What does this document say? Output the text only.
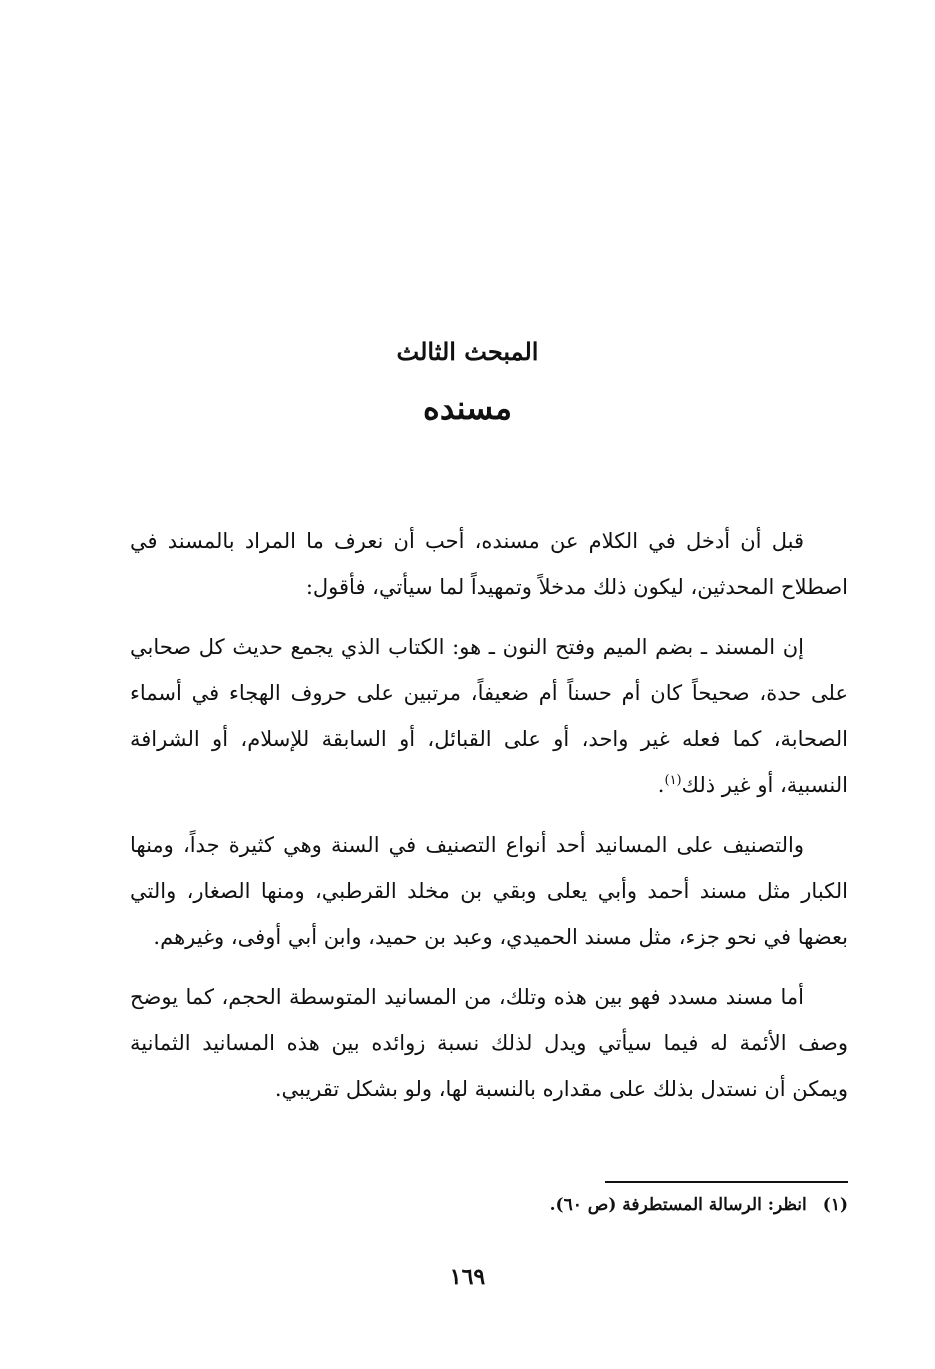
المبحث الثالث
مسنده

قبل أن أدخل في الكلام عن مسنده، أحب أن نعرف ما المراد بالمسند في اصطلاح المحدثين، ليكون ذلك مدخلاً وتمهيداً لما سيأتي، فأقول:

إن المسند ـ بضم الميم وفتح النون ـ هو: الكتاب الذي يجمع حديث كل صحابي على حدة، صحيحاً كان أم حسناً أم ضعيفاً، مرتبين على حروف الهجاء في أسماء الصحابة، كما فعله غير واحد، أو على القبائل، أو السابقة للإسلام، أو الشرافة النسبية، أو غير ذلك$^{(١)}$.

والتصنيف على المسانيد أحد أنواع التصنيف في السنة وهي كثيرة جداً، ومنها الكبار مثل مسند أحمد وأبي يعلى وبقي بن مخلد القرطبي، ومنها الصغار، والتي بعضها في نحو جزء، مثل مسند الحميدي، وعبد بن حميد، وابن أبي أوفى، وغيرهم.

أما مسند مسدد فهو بين هذه وتلك، من المسانيد المتوسطة الحجم، كما يوضح وصف الأئمة له فيما سيأتي ويدل لذلك نسبة زوائده بين هذه المسانيد الثمانية ويمكن أن نستدل بذلك على مقداره بالنسبة لها، ولو بشكل تقريبي.

(١)انظر: الرسالة المستطرفة (ص ٦٠).
١٦٩
